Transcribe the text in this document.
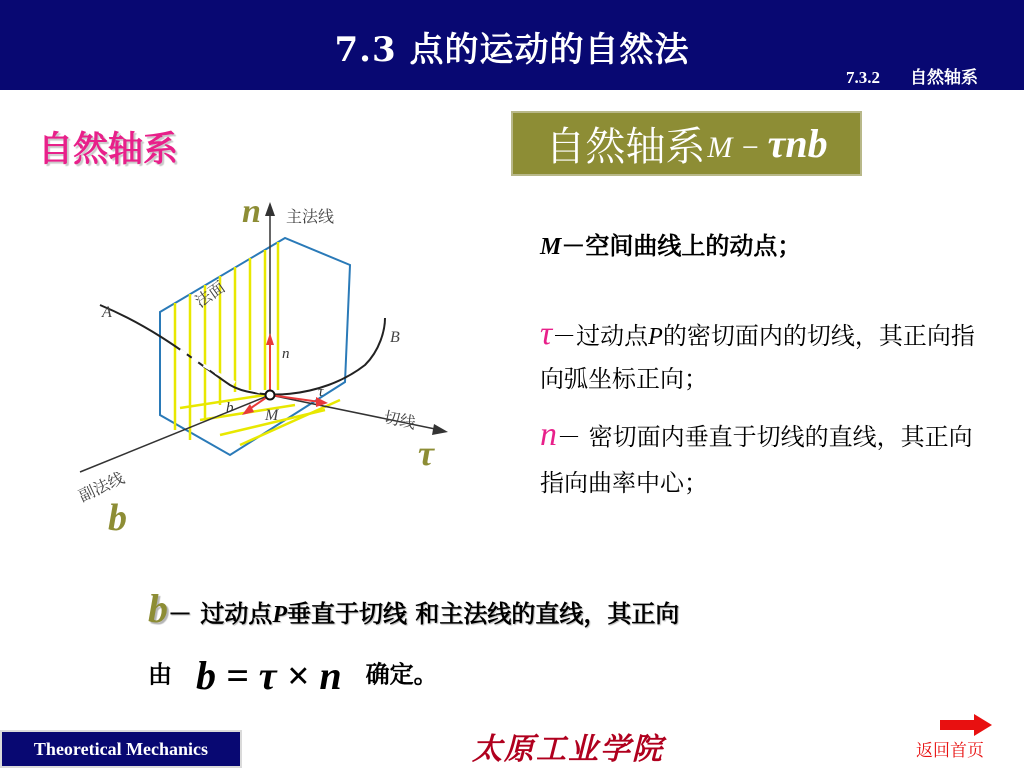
7.3 点的运动的自然法
7.3.2 自然轴系
自然轴系	自然轴系 M − τnb
M－空间曲线上的动点；
τ－过动点P的密切面内的切线，其正向指向弧坐标正向；
n－ 密切面内垂直于切线的直线，其正向指向曲率中心；
b－ 过动点P垂直于切线 和主法线的直线，其正向
由 b = τ × n 确定。
n 主法线
法面
A
B
n
τ
b M	切线
τ
副法线
b
Theoretical Mechanics	太原工业学院	返回首页
